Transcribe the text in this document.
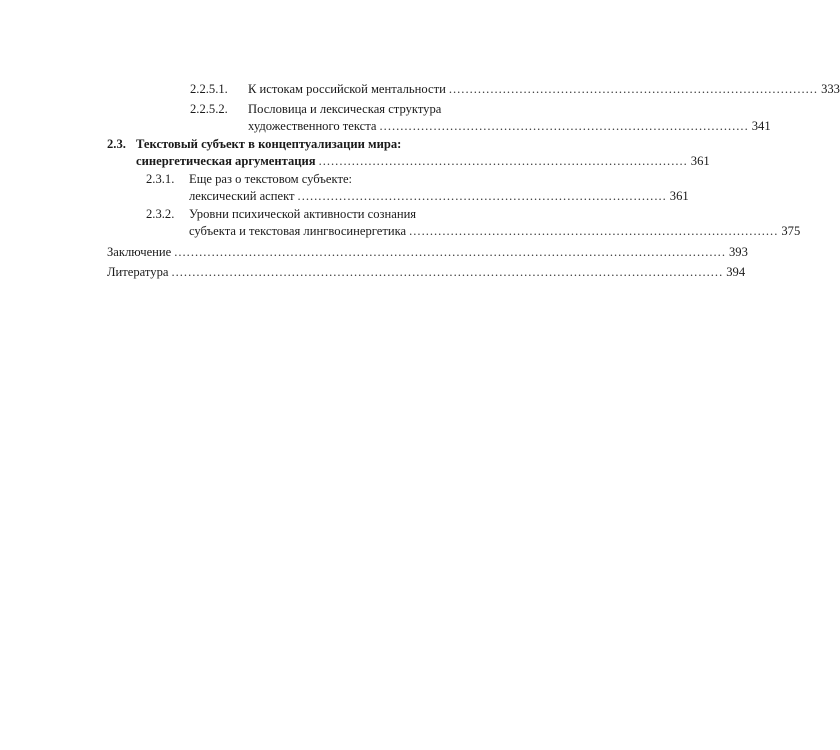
2.2.5.1. К истокам российской ментальности ......................................................................................... 333
2.2.5.2. Пословица и лексическая структура
художественного текста ......................................................................................... 341
2.3. Текстовый субъект в концептуализации мира:
синергетическая аргументация ......................................................................................... 361
2.3.1. Еще раз о текстовом субъекте:
лексический аспект ......................................................................................... 361
2.3.2. Уровни психической активности сознания
субъекта и текстовая лингвосинергетика ......................................................................................... 375
Заключение ..................................................................................................................................... 393
Литература ..................................................................................................................................... 394
